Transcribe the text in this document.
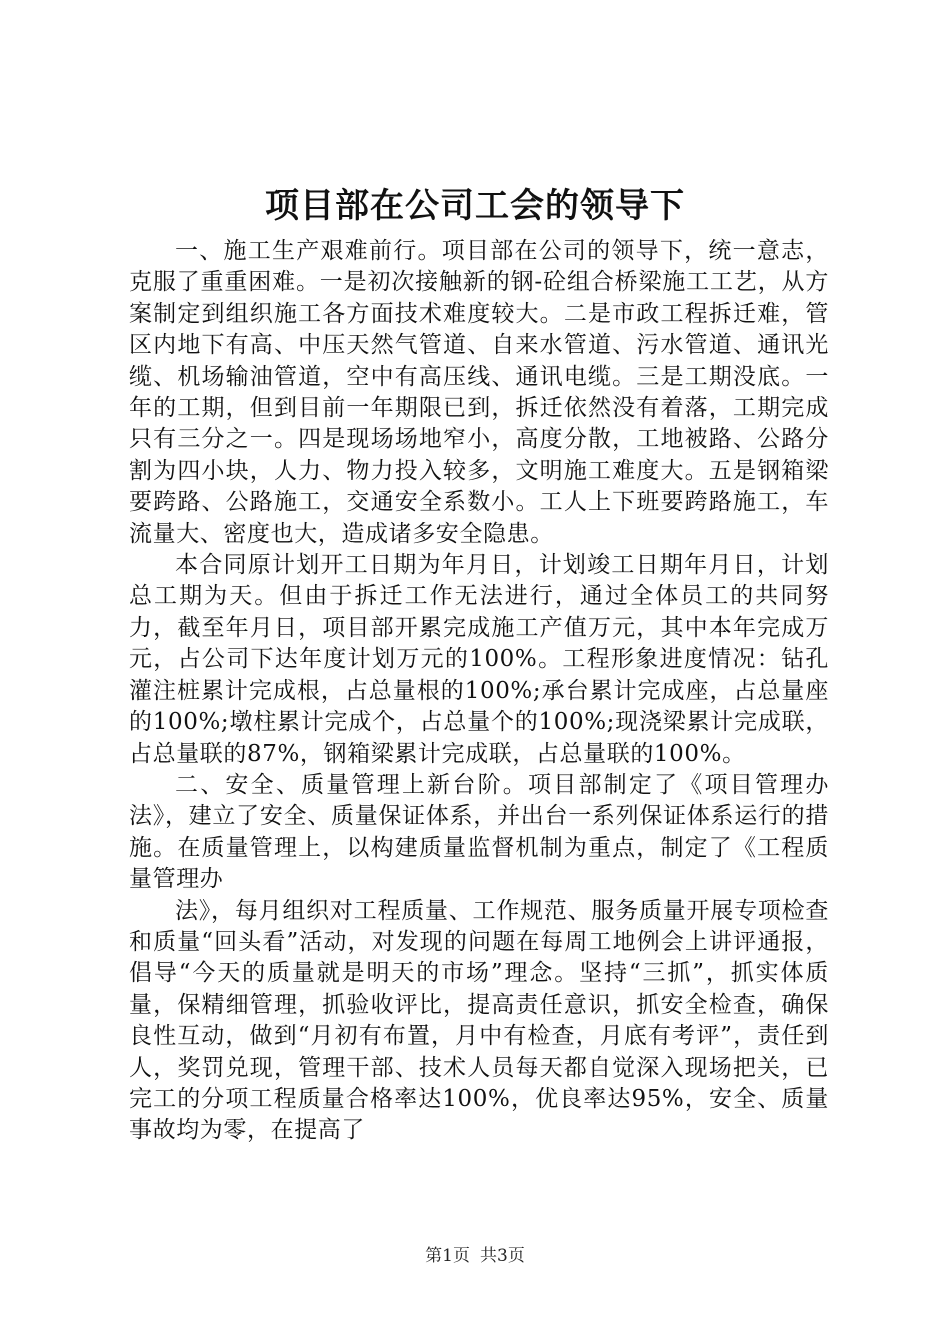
项目部在公司工会的领导下

一、施工生产艰难前行。项目部在公司的领导下，统一意志，克服了重重困难。一是初次接触新的钢-砼组合桥梁施工工艺，从方案制定到组织施工各方面技术难度较大。二是市政工程拆迁难，管区内地下有高、中压天然气管道、自来水管道、污水管道、通讯光缆、机场输油管道，空中有高压线、通讯电缆。三是工期没底。一年的工期，但到目前一年期限已到，拆迁依然没有着落，工期完成只有三分之一。四是现场场地窄小，高度分散，工地被路、公路分割为四小块，人力、物力投入较多，文明施工难度大。五是钢箱梁要跨路、公路施工，交通安全系数小。工人上下班要跨路施工，车流量大、密度也大，造成诸多安全隐患。

本合同原计划开工日期为年月日，计划竣工日期年月日，计划总工期为天。但由于拆迁工作无法进行，通过全体员工的共同努力，截至年月日，项目部开累完成施工产值万元，其中本年完成万元，占公司下达年度计划万元的100%。工程形象进度情况：钻孔灌注桩累计完成根，占总量根的100%;承台累计完成座，占总量座的100%;墩柱累计完成个，占总量个的100%;现浇梁累计完成联，占总量联的87%，钢箱梁累计完成联，占总量联的100%。

二、安全、质量管理上新台阶。项目部制定了《项目管理办法》，建立了安全、质量保证体系，并出台一系列保证体系运行的措施。在质量管理上，以构建质量监督机制为重点，制定了《工程质量管理办

法》，每月组织对工程质量、工作规范、服务质量开展专项检查和质量“回头看”活动，对发现的问题在每周工地例会上讲评通报，倡导“今天的质量就是明天的市场”理念。坚持“三抓”，抓实体质量，保精细管理，抓验收评比，提高责任意识，抓安全检查，确保良性互动，做到“月初有布置，月中有检查，月底有考评”，责任到人，奖罚兑现，管理干部、技术人员每天都自觉深入现场把关，已完工的分项工程质量合格率达100%，优良率达95%，安全、质量事故均为零，在提高了

第1页 共3页
